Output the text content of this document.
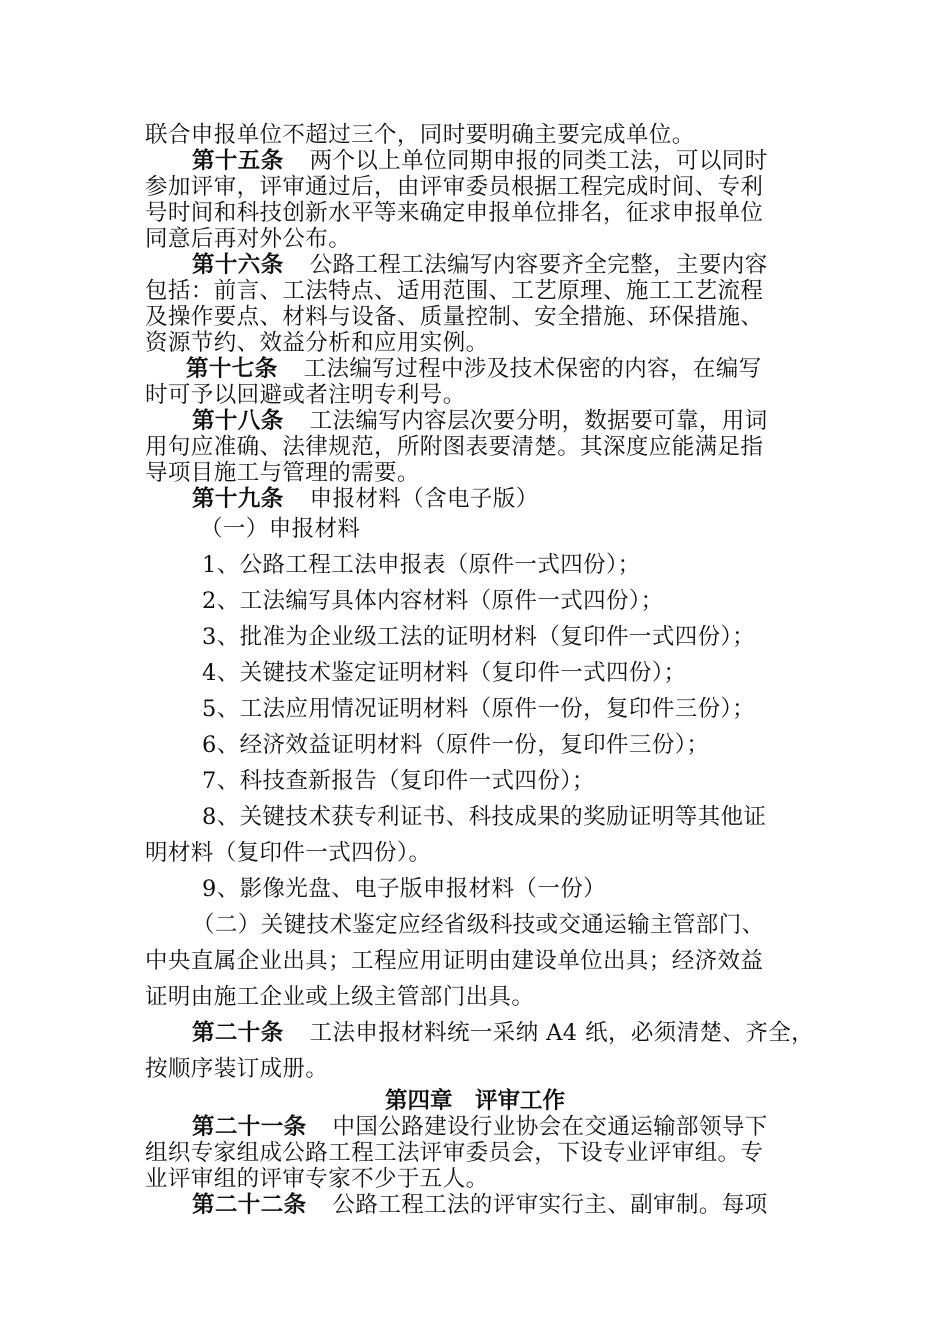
联合申报单位不超过三个，同时要明确主要完成单位。
第十五条 两个以上单位同期申报的同类工法，可以同时
参加评审，评审通过后，由评审委员根据工程完成时间、专利
号时间和科技创新水平等来确定申报单位排名，征求申报单位
同意后再对外公布。
第十六条 公路工程工法编写内容要齐全完整，主要内容
包括：前言、工法特点、适用范围、工艺原理、施工工艺流程
及操作要点、材料与设备、质量控制、安全措施、环保措施、
资源节约、效益分析和应用实例。
第十七条 工法编写过程中涉及技术保密的内容，在编写
时可予以回避或者注明专利号。
第十八条 工法编写内容层次要分明，数据要可靠，用词
用句应准确、法律规范，所附图表要清楚。其深度应能满足指
导项目施工与管理的需要。
第十九条 申报材料（含电子版）
（一）申报材料
1、公路工程工法申报表（原件一式四份）；
2、工法编写具体内容材料（原件一式四份）；
3、批准为企业级工法的证明材料（复印件一式四份）；
4、关键技术鉴定证明材料（复印件一式四份）；
5、工法应用情况证明材料（原件一份，复印件三份）；
6、经济效益证明材料（原件一份，复印件三份）；
7、科技查新报告（复印件一式四份）；
8、关键技术获专利证书、科技成果的奖励证明等其他证
明材料（复印件一式四份）。
9、影像光盘、电子版申报材料（一份）
（二）关键技术鉴定应经省级科技或交通运输主管部门、
中央直属企业出具；工程应用证明由建设单位出具；经济效益
证明由施工企业或上级主管部门出具。
第二十条 工法申报材料统一采纳 A4 纸，必须清楚、齐全，
按顺序装订成册。
第四章　评审工作
第二十一条 中国公路建设行业协会在交通运输部领导下
组织专家组成公路工程工法评审委员会，下设专业评审组。专
业评审组的评审专家不少于五人。
第二十二条 公路工程工法的评审实行主、副审制。每项
